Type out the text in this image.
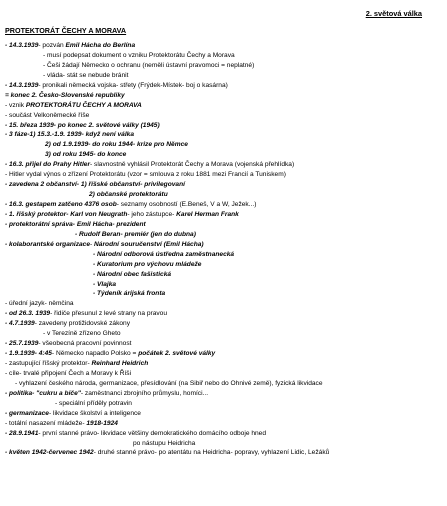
2. světová válka
PROTEKTORÁT ČECHY A MORAVA
- 14.3.1939- pozván Emil Hácha do Berlína
- musí podepsat dokument o vzniku Protektorátu Čechy a Morava
- Češi žádají Německo o ochranu (neměli ústavní pravomoci = neplatné)
- vláda- stát se nebude bránit
- 14.3.1939- pronikali německá vojska- střety (Frýdek-Místek- boj o kasárna)
= konec 2. Česko-Slovenské republiky
- vznik PROTEKTORÁTU ČECHY A MORAVA
- součást Velkoněmecké říše
- 15. březa 1939- po konec 2. světové války (1945)
- 3 fáze-1) 15.3.-1.9. 1939- když není válka
2) od 1.9.1939- do roku 1944- krize pro Němce
3) od roku 1945- do konce
- 16.3. přijel do Prahy Hitler- slavnostně vyhlásil Protektorát Čechy a Morava (vojenská přehlídka)
- Hitler vydal výnos o zřízení Protektorátu (vzor = smlouva z roku 1881 mezi Francií a Tuniskem)
- zavedena 2 občanství- 1) říšské občanství- privilegovaní
2) občanské protektorátu
- 16.3. gestapem zatčeno 4376 osob- seznamy osobností (E.Beneš, V a W, Ježek...)
- 1. říšský protektor- Karl von Neugrath- jeho zástupce- Karel Herman Frank
- protektorátní správa- Emil Hácha- prezident
- Rudolf Beran- premiér (jen do dubna)
- kolaborantské organizace- Národní souručenství (Emil Hácha)
- Národní odborová ústředna zaměstnanecká
- Kuratorium pro výchovu mládeže
- Národní obec fašistická
- Vlajka
- Týdeník árijská fronta
- úřední jazyk- němčina
- od 26.3. 1939- řidiče přesunul z levé strany na pravou
- 4.7.1939- zavedeny protižidovské zákony
- v Terezíně zřízeno Gheto
- 25.7.1939- všeobecná pracovní povinnost
- 1.9.1939- 4:45- Německo napadlo Polsko = počátek 2. světové války
- zastupující říšský protektor- Reinhard Heidrich
- cíle- trvalé připojení Čech a Moravy k Říši
- vyhlazení českého národa, germanizace, přesídlování (na Sibiř nebo do Ohnivé země), fyzická likvidace
- politika- "cukru a biče"- zaměstnanci zbrojního průmyslu, homíci...
- speciální příděly potravin
- germanizace- likvidace školství a inteligence
- totální nasazení mládeže- 1918-1924
- 28.9.1941- první stanné právo- likvidace většiny demokratického domácího odboje hned
po nástupu Heidricha
- květen 1942-červenec 1942- druhé stanné právo- po atentátu na Heidricha- popravy, vyhlazení Lidic, Ležáků
